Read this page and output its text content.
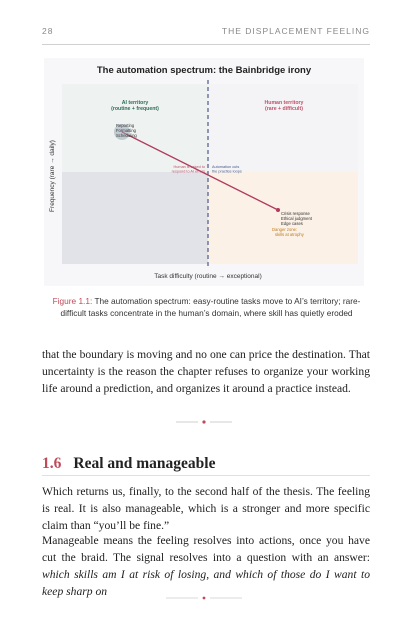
28	THE DISPLACEMENT FEELING
The automation spectrum: the Bainbridge irony
Frequency (rare → daily)
Task difficulty (routine → exceptional)
AI territory
(routine + frequent)
Human territory
(rare + difficult)
Reporting
Formatting
Scheduling
Human is asked to
respond to AI errors
Automation cuts
the practice loops
Crisis response
Ethical judgment
Edge cases
Danger zone:
skills at atrophy
Figure 1.1: The automation spectrum: easy-routine tasks move to AI’s territory; rare-difficult tasks concentrate in the human’s domain, where skill has quietly eroded

that the boundary is moving and no one can price the destination. That uncertainty is the reason the chapter refuses to organize your working life around a prediction, and organizes it around a practice instead.

1.6 Real and manageable

Which returns us, finally, to the second half of the thesis. The feeling is real. It is also manageable, which is a stronger and more specific claim than “you’ll be fine.”

Manageable means the feeling resolves into actions, once you have cut the braid. The signal resolves into a question with an answer: which skills am I at risk of losing, and which of those do I want to keep sharp on
